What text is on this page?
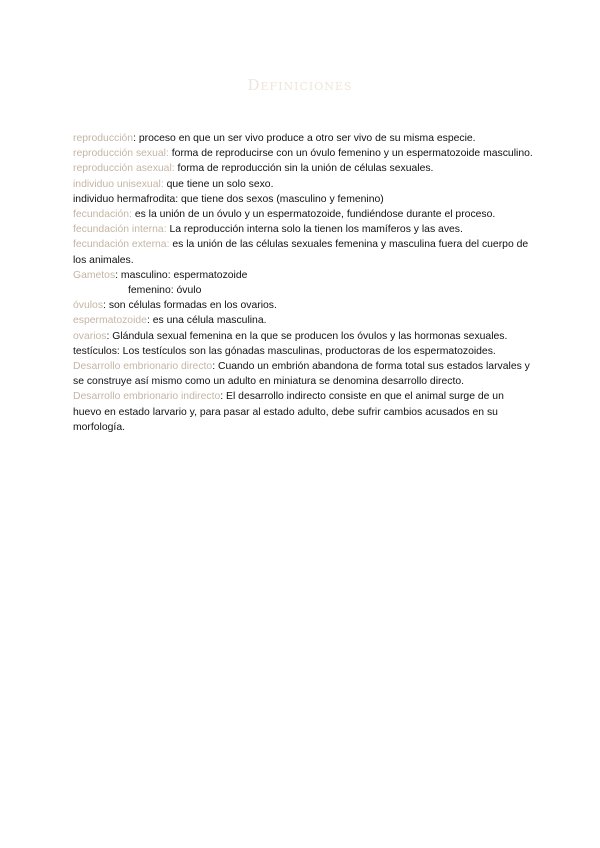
Definiciones

reproducción: proceso en que un ser vivo produce a otro ser vivo de su misma especie.

reproducción sexual: forma de reproducirse con un óvulo femenino y un espermatozoide masculino.

reproducción asexual: forma de reproducción sin la unión de células sexuales.

individuo unisexual: que tiene un solo sexo.

individuo hermafrodita: que tiene dos sexos (masculino y femenino)

fecundación: es la unión de un óvulo y un espermatozoide, fundiéndose durante el proceso.

fecundación interna: La reproducción interna solo la tienen los mamíferos y las aves.

fecundación externa: es la unión de las células sexuales femenina y masculina fuera del cuerpo de los animales.

Gametos: masculino: espermatozoide

femenino: óvulo

óvulos: son células formadas en los ovarios.

espermatozoide: es una célula masculina.

ovarios: Glándula sexual femenina en la que se producen los óvulos y las hormonas sexuales.

testículos: Los testículos son las gónadas masculinas, productoras de los espermatozoides.

Desarrollo embrionario directo: Cuando un embrión abandona de forma total sus estados larvales y se construye así mismo como un adulto en miniatura se denomina desarrollo directo.

Desarrollo embrionario indirecto: El desarrollo indirecto consiste en que el animal surge de un huevo en estado larvario y, para pasar al estado adulto, debe sufrir cambios acusados en su morfología.
